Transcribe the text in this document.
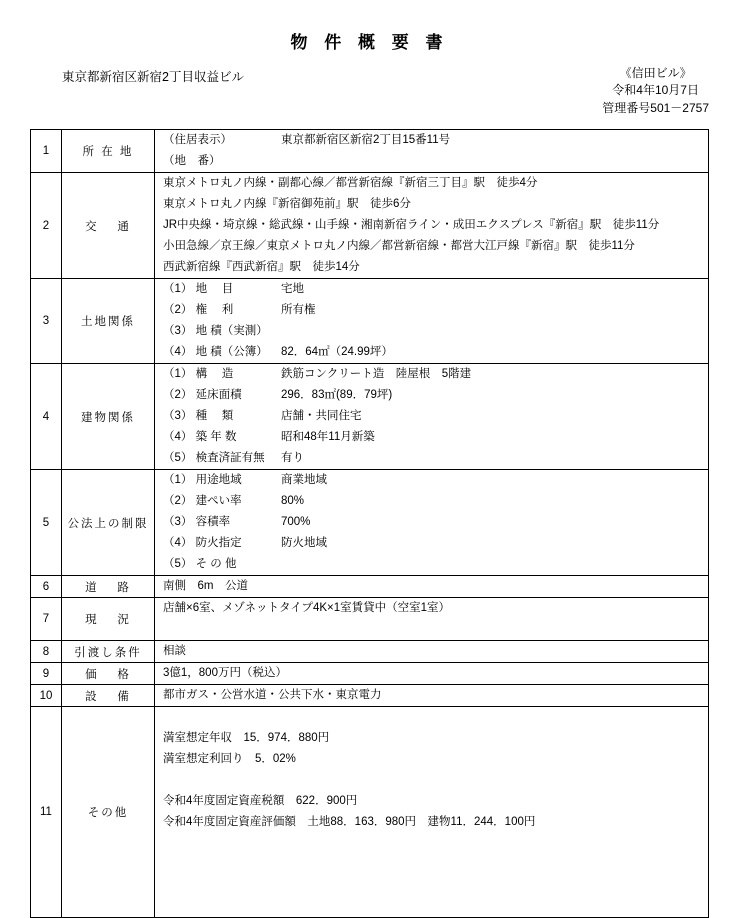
物 件 概 要 書
東京都新宿区新宿2丁目収益ビル	《信田ビル》
令和4年10月7日
管理番号501－2757
1	所 在 地	（住居表示） 東京都新宿区新宿2丁目15番11号
（地　番）

2	交　 通	東京メトロ丸ノ内線・副都心線／都営新宿線『新宿三丁目』駅　徒歩4分
東京メトロ丸ノ内線『新宿御苑前』駅　徒歩6分
JR中央線・埼京線・総武線・山手線・湘南新宿ライン・成田エクスプレス『新宿』駅　徒歩11分
小田急線／京王線／東京メトロ丸ノ内線／都営新宿線・都営大江戸線『新宿』駅　徒歩11分
西武新宿線『西武新宿』駅　徒歩14分

3	土地関係	（1） 地　 目 宅地
（2） 権　 利 所有権
（3） 地 積（実測）
（4） 地 積（公簿） 82．64㎡（24.99坪）

4	建物関係	（1） 構　 造 鉄筋コンクリート造　陸屋根　5階建
（2） 延床面積 296．83㎡(89．79坪)
（3） 種　 類 店舗・共同住宅
（4） 築 年 数 昭和48年11月新築
（5） 検査済証有無 有り

5	公法上の制限	（1） 用途地域 商業地域
（2） 建ぺい率 80%
（3） 容積率 700%
（4） 防火指定 防火地域
（5） そ の 他

6	道　 路	南側　6m　公道

7	現　 況	店舗×6室、メゾネットタイプ4K×1室賃貸中（空室1室）

8	引渡し条件	相談

9	価　 格	3億1，800万円（税込）

10	設　 備	都市ガス・公営水道・公共下水・東京電力

11	その他	満室想定年収　15．974．880円
満室想定利回り　5．02%
令和4年度固定資産税額　622．900円
令和4年度固定資産評価額　土地88．163．980円　建物11．244．100円
